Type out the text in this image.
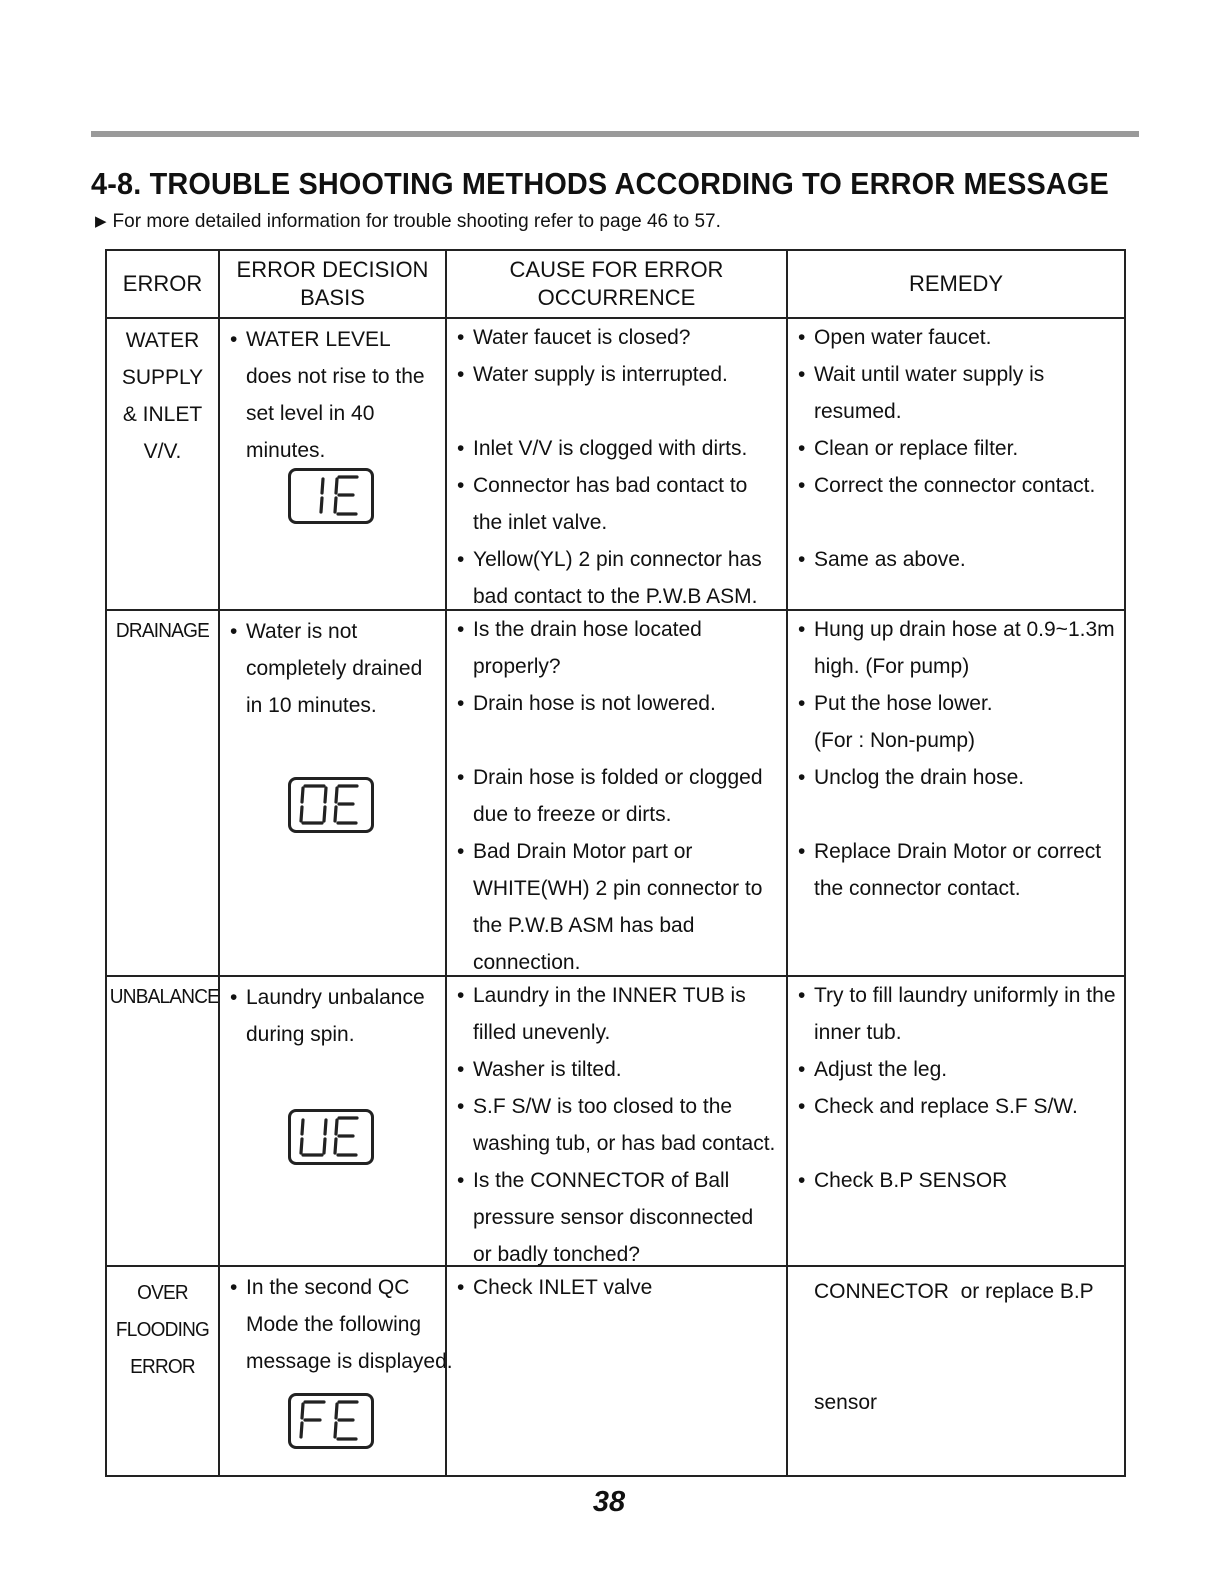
4-8. TROUBLE SHOOTING METHODS ACCORDING TO ERROR MESSAGE
▶ For more detailed information for trouble shooting refer to page 46 to 57.
ERROR
ERROR DECISION
BASIS
CAUSE FOR ERROR
OCCURRENCE
REMEDY
WATER
SUPPLY
& INLET
V/V.
• WATER LEVEL
does not rise to the
set level in 40
minutes.
• Water faucet is closed?
• Water supply is interrupted.
• Inlet V/V is clogged with dirts.
• Connector has bad contact to
the inlet valve.
• Yellow(YL) 2 pin connector has
bad contact to the P.W.B ASM.
• Open water faucet.
• Wait until water supply is
resumed.
• Clean or replace filter.
• Correct the connector contact.
• Same as above.
DRAINAGE	• Water is not
completely drained
in 10 minutes.
• Is the drain hose located
properly?
• Drain hose is not lowered.
• Drain hose is folded or clogged
due to freeze or dirts.
• Bad Drain Motor part or
WHITE(WH) 2 pin connector to
the P.W.B ASM has bad
connection.
• Hung up drain hose at 0.9~1.3m
high. (For pump)
• Put the hose lower.
(For : Non-pump)
• Unclog the drain hose.
• Replace Drain Motor or correct
the connector contact.
UNBALANCE	• Laundry unbalance
during spin.
• Laundry in the INNER TUB is
filled unevenly.
• Washer is tilted.
• S.F S/W is too closed to the
washing tub, or has bad contact.
• Is the CONNECTOR of Ball
pressure sensor disconnected
or badly tonched?
• Try to fill laundry uniformly in the
inner tub.
• Adjust the leg.
• Check and replace S.F S/W.
• Check B.P SENSOR

CONNECTOR  or replace B.P

sensor

OVER
FLOODING
ERROR
• In the second QC
Mode the following
message is displayed.
• Check INLET valve
38
